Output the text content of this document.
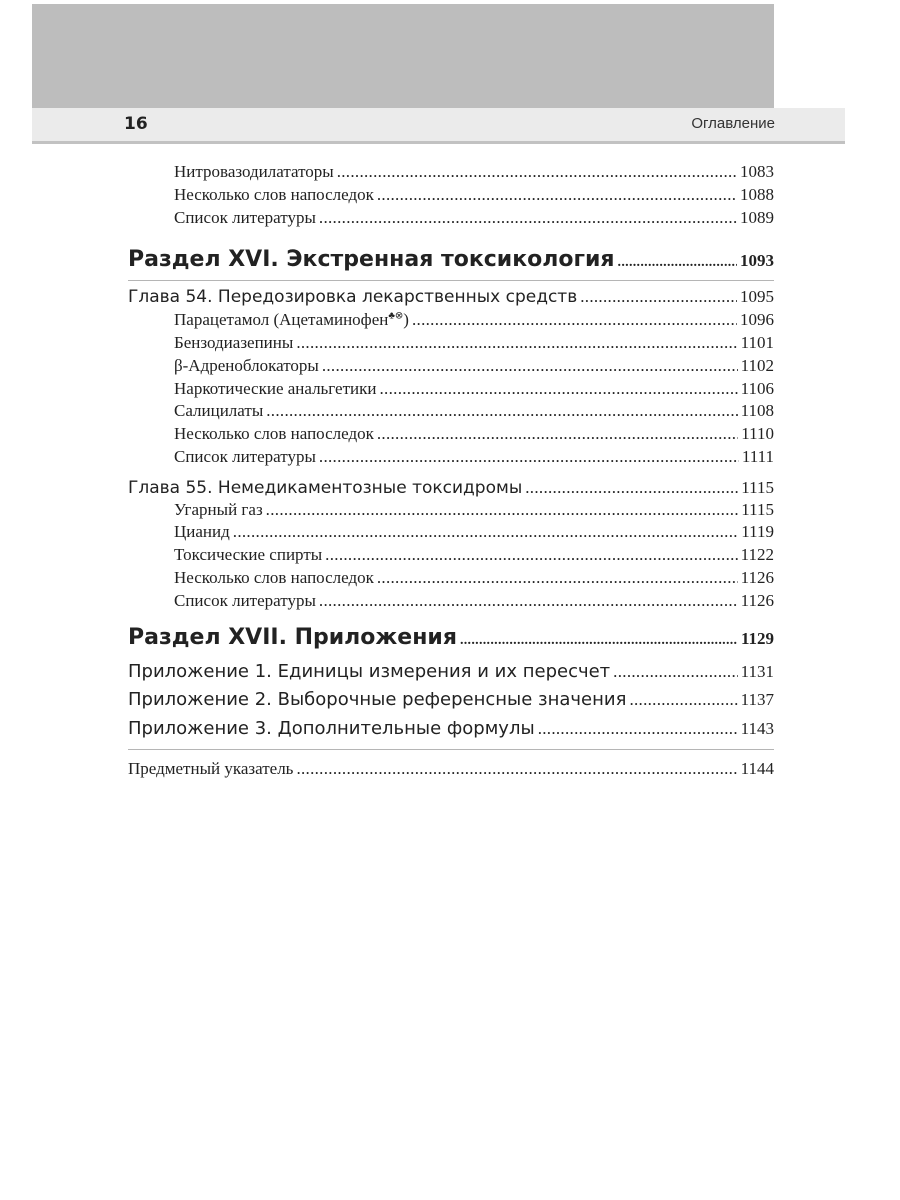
16	Оглавление
Нитровазодилататоры .....	1083
Несколько слов напоследок .....	1088
Список литературы .....	1089
Раздел XVI. Экстренная токсикология .....	1093
Глава 54. Передозировка лекарственных средств .....	1095
Парацетамол (Ацетаминофен♣⊗) .....	1096
Бензодиазепины .....	1101
β-Адреноблокаторы .....	1102
Наркотические анальгетики .....	1106
Салицилаты .....	1108
Несколько слов напоследок .....	1110
Список литературы .....	1111
Глава 55. Немедикаментозные токсидромы .....	1115
Угарный газ .....	1115
Цианид .....	1119
Токсические спирты .....	1122
Несколько слов напоследок .....	1126
Список литературы .....	1126
Раздел XVII. Приложения .....	1129
Приложение 1. Единицы измерения и их пересчет .....	1131
Приложение 2. Выборочные референсные значения .....	1137
Приложение 3. Дополнительные формулы .....	1143
Предметный указатель .....	1144
